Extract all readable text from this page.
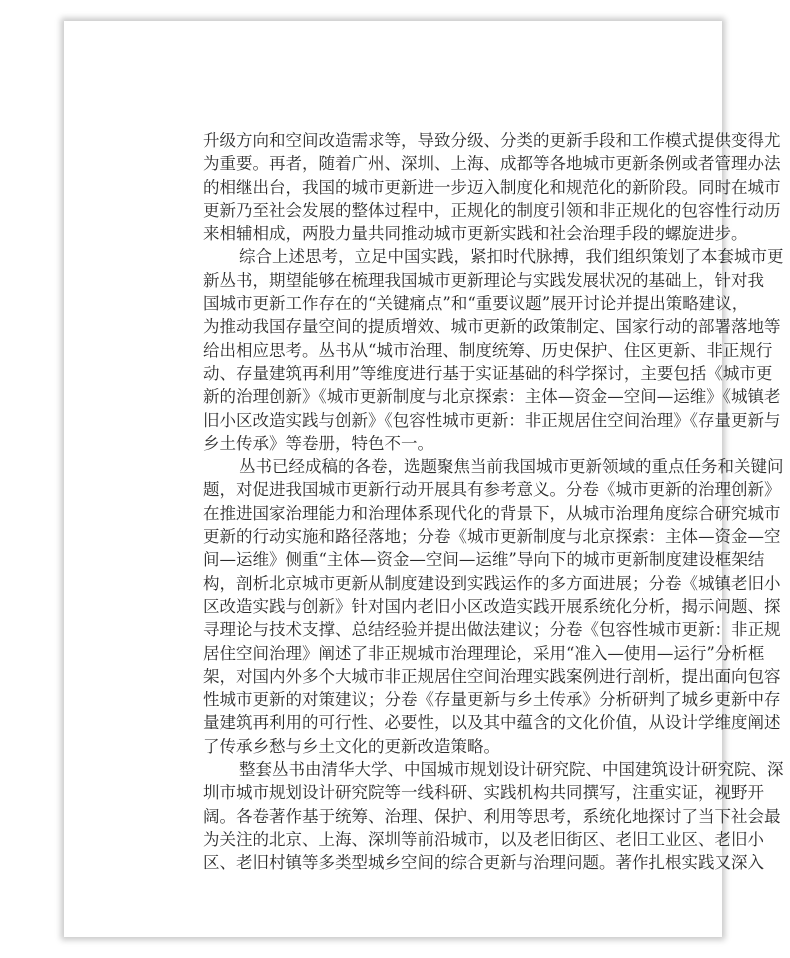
升级方向和空间改造需求等，导致分级、分类的更新手段和工作模式提供变得尤
为重要。再者，随着广州、深圳、上海、成都等各地城市更新条例或者管理办法
的相继出台，我国的城市更新进一步迈入制度化和规范化的新阶段。同时在城市
更新乃至社会发展的整体过程中，正规化的制度引领和非正规化的包容性行动历
来相辅相成，两股力量共同推动城市更新实践和社会治理手段的螺旋进步。
综合上述思考，立足中国实践，紧扣时代脉搏，我们组织策划了本套城市更
新丛书，期望能够在梳理我国城市更新理论与实践发展状况的基础上，针对我
国城市更新工作存在的“关键痛点”和“重要议题”展开讨论并提出策略建议，
为推动我国存量空间的提质增效、城市更新的政策制定、国家行动的部署落地等
给出相应思考。丛书从“城市治理、制度统筹、历史保护、住区更新、非正规行
动、存量建筑再利用”等维度进行基于实证基础的科学探讨，主要包括《城市更
新的治理创新》《城市更新制度与北京探索：主体—资金—空间—运维》《城镇老
旧小区改造实践与创新》《包容性城市更新：非正规居住空间治理》《存量更新与
乡土传承》等卷册，特色不一。
丛书已经成稿的各卷，选题聚焦当前我国城市更新领域的重点任务和关键问
题，对促进我国城市更新行动开展具有参考意义。分卷《城市更新的治理创新》
在推进国家治理能力和治理体系现代化的背景下，从城市治理角度综合研究城市
更新的行动实施和路径落地；分卷《城市更新制度与北京探索：主体—资金—空
间—运维》侧重“主体—资金—空间—运维”导向下的城市更新制度建设框架结
构，剖析北京城市更新从制度建设到实践运作的多方面进展；分卷《城镇老旧小
区改造实践与创新》针对国内老旧小区改造实践开展系统化分析，揭示问题、探
寻理论与技术支撑、总结经验并提出做法建议；分卷《包容性城市更新：非正规
居住空间治理》阐述了非正规城市治理理论，采用“准入—使用—运行”分析框
架，对国内外多个大城市非正规居住空间治理实践案例进行剖析，提出面向包容
性城市更新的对策建议；分卷《存量更新与乡土传承》分析研判了城乡更新中存
量建筑再利用的可行性、必要性，以及其中蕴含的文化价值，从设计学维度阐述
了传承乡愁与乡土文化的更新改造策略。
整套丛书由清华大学、中国城市规划设计研究院、中国建筑设计研究院、深
圳市城市规划设计研究院等一线科研、实践机构共同撰写，注重实证，视野开
阔。各卷著作基于统筹、治理、保护、利用等思考，系统化地探讨了当下社会最
为关注的北京、上海、深圳等前沿城市，以及老旧街区、老旧工业区、老旧小
区、老旧村镇等多类型城乡空间的综合更新与治理问题。著作扎根实践又深入
